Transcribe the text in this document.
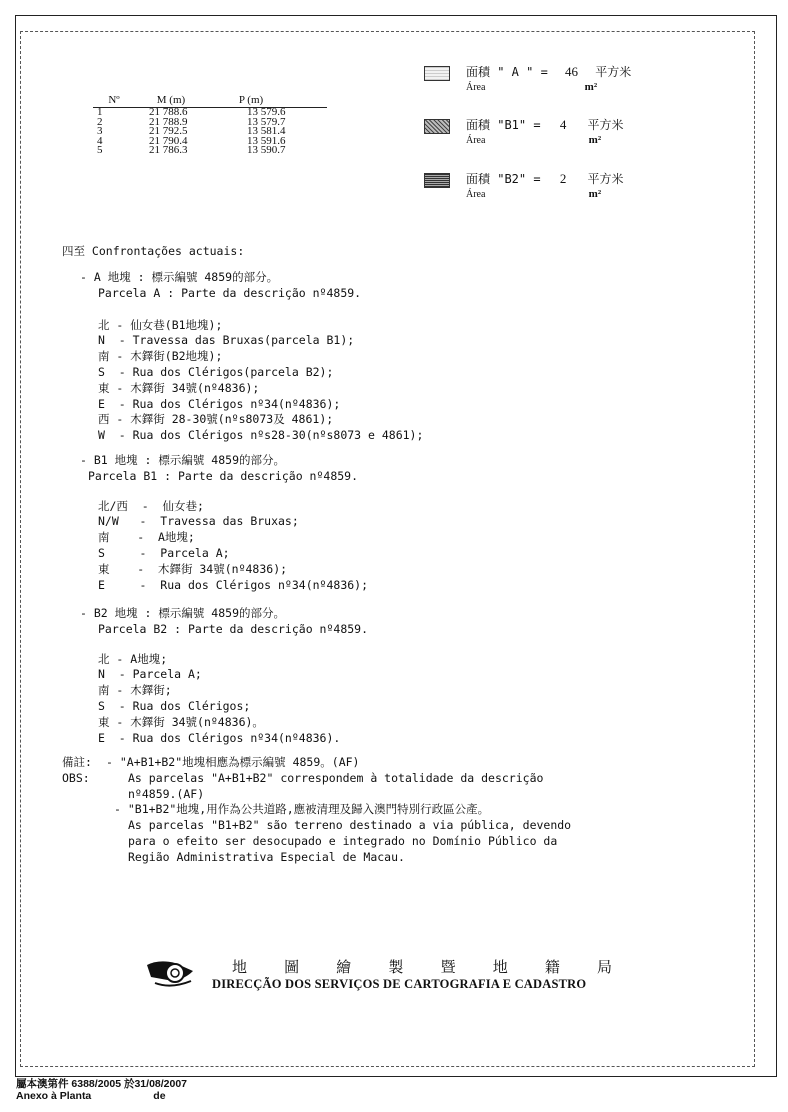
Nº	M (m)	P (m)
1	21 788.6	13 579.6
2	21 788.9	13 579.7
3	21 792.5	13 581.4
4	21 790.4	13 591.6
5	21 786.3	13 590.7
面積 " A " = 46 平方米
Área	m²
面積 "B1" = 4 平方米
Área	m²
面積 "B2" = 2 平方米
Área	m²
四至 Confrontações actuais:
- A 地塊 : 標示編號 4859的部分。
Parcela A : Parte da descrição nº4859.
北 - 仙女巷(B1地塊);
N  - Travessa das Bruxas(parcela B1);
南 - 木鐸街(B2地塊);
S  - Rua dos Clérigos(parcela B2);
東 - 木鐸街 34號(nº4836);
E  - Rua dos Clérigos nº34(nº4836);
西 - 木鐸街 28-30號(nºs8073及 4861);
W  - Rua dos Clérigos nºs28-30(nºs8073 e 4861);
- B1 地塊 : 標示編號 4859的部分。
Parcela B1 : Parte da descrição nº4859.
北/西  -  仙女巷;
N/W   -  Travessa das Bruxas;
南    -  A地塊;
S     -  Parcela A;
東    -  木鐸街 34號(nº4836);
E     -  Rua dos Clérigos nº34(nº4836);
- B2 地塊 : 標示編號 4859的部分。
Parcela B2 : Parte da descrição nº4859.
北 - A地塊;
N  - Parcela A;
南 - 木鐸街;
S  - Rua dos Clérigos;
東 - 木鐸街 34號(nº4836)。
E  - Rua dos Clérigos nº34(nº4836).
備註:
OBS:
- "A+B1+B2"地塊相應為標示編號 4859。(AF)
As parcelas "A+B1+B2" correspondem à totalidade da descrição
nº4859.(AF)
- "B1+B2"地塊,用作為公共道路,應被清理及歸入澳門特別行政區公產。
As parcelas "B1+B2" são terreno destinado a via pública, devendo
para o efeito ser desocupado e integrado no Domínio Público da
Região Administrativa Especial de Macau.
地 圖 繪 製 暨 地 籍 局
DIRECÇÃO DOS SERVIÇOS DE CARTOGRAFIA E CADASTRO
屬本澳第件 6388/2005 於31/08/2007
Anexo à Planta	de
